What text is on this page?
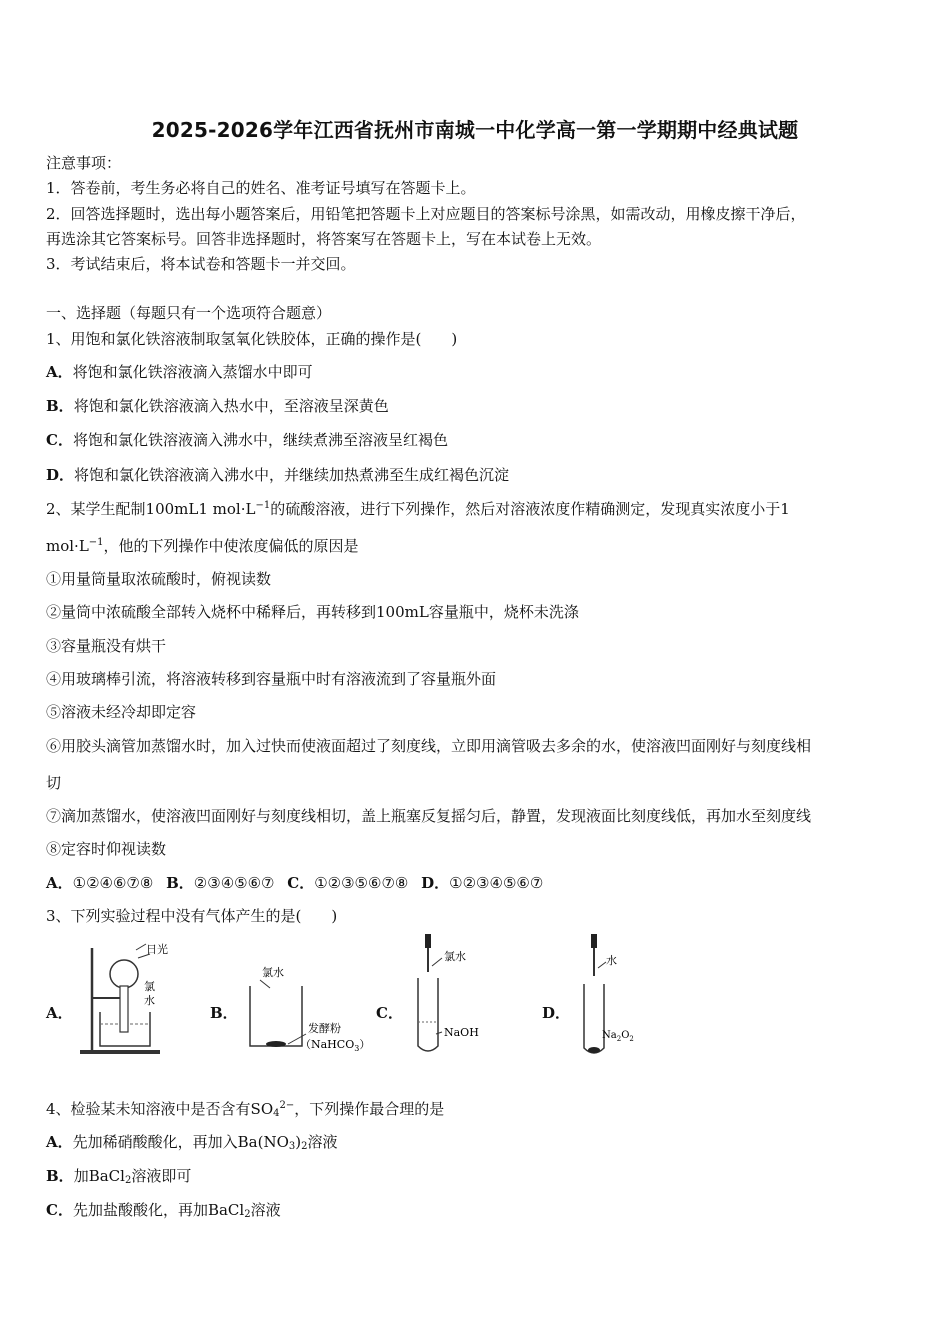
2025-2026学年江西省抚州市南城一中化学高一第一学期期中经典试题
注意事项：
1．答卷前，考生务必将自己的姓名、准考证号填写在答题卡上。
2．回答选择题时，选出每小题答案后，用铅笔把答题卡上对应题目的答案标号涂黑，如需改动，用橡皮擦干净后，
再选涂其它答案标号。回答非选择题时，将答案写在答题卡上，写在本试卷上无效。
3．考试结束后，将本试卷和答题卡一并交回。
一、选择题（每题只有一个选项符合题意）
1、用饱和氯化铁溶液制取氢氧化铁胶体，正确的操作是(　　)
A．将饱和氯化铁溶液滴入蒸馏水中即可
B．将饱和氯化铁溶液滴入热水中，至溶液呈深黄色
C．将饱和氯化铁溶液滴入沸水中，继续煮沸至溶液呈红褐色
D．将饱和氯化铁溶液滴入沸水中，并继续加热煮沸至生成红褐色沉淀
2、某学生配制100mL1 $mol\cdot L^{-1}$的硫酸溶液，进行下列操作，然后对溶液浓度作精确测定，发现真实浓度小于1
$mol\cdot L^{-1}$，他的下列操作中使浓度偏低的原因是
①用量筒量取浓硫酸时，俯视读数
②量筒中浓硫酸全部转入烧杯中稀释后，再转移到100mL容量瓶中，烧杯未洗涤
③容量瓶没有烘干
④用玻璃棒引流，将溶液转移到容量瓶中时有溶液流到了容量瓶外面
⑤溶液未经冷却即定容
⑥用胶头滴管加蒸馏水时，加入过快而使液面超过了刻度线，立即用滴管吸去多余的水，使溶液凹面刚好与刻度线相
切
⑦滴加蒸馏水，使溶液凹面刚好与刻度线相切，盖上瓶塞反复摇匀后，静置，发现液面比刻度线低，再加水至刻度线
⑧定容时仰视读数
A．①②④⑥⑦⑧ B．②③④⑤⑥⑦ C．①②③⑤⑥⑦⑧ D．①②③④⑤⑥⑦
3、下列实验过程中没有气体产生的是(　　)
A．
日光
氯
水
B．
氯水
发酵粉
（NaHCO$_3$）
C．
氯水
NaOH
D．
水
$Na_2O_2$
4、检验某未知溶液中是否含有$SO_4^{2-}$，下列操作最合理的是
A．先加稀硝酸酸化，再加入$Ba(NO_3)_2$溶液
B．加BaCl$_2$溶液即可
C．先加盐酸酸化，再加BaCl$_2$溶液
